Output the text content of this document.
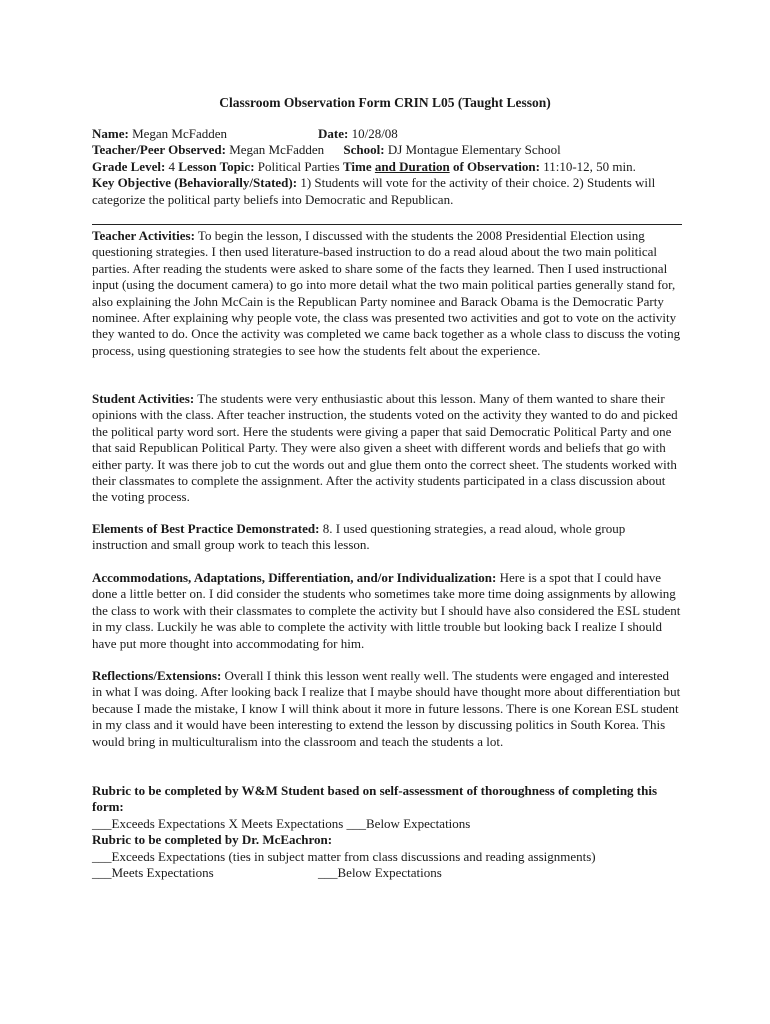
Classroom Observation Form CRIN L05 (Taught Lesson)
Name: Megan McFadden	Date: 10/28/08
Teacher/Peer Observed: Megan McFadden School: DJ Montague Elementary School
Grade Level: 4 Lesson Topic: Political Parties Time and Duration of Observation: 11:10-12, 50 min.
Key Objective (Behaviorally/Stated): 1) Students will vote for the activity of their choice. 2) Students will categorize the political party beliefs into Democratic and Republican.
Teacher Activities: To begin the lesson, I discussed with the students the 2008 Presidential Election using questioning strategies. I then used literature-based instruction to do a read aloud about the two main political parties. After reading the students were asked to share some of the facts they learned. Then I used instructional input (using the document camera) to go into more detail what the two main political parties generally stand for, also explaining the John McCain is the Republican Party nominee and Barack Obama is the Democratic Party nominee. After explaining why people vote, the class was presented two activities and got to vote on the activity they wanted to do. Once the activity was completed we came back together as a whole class to discuss the voting process, using questioning strategies to see how the students felt about the experience.
Student Activities: The students were very enthusiastic about this lesson. Many of them wanted to share their opinions with the class. After teacher instruction, the students voted on the activity they wanted to do and picked the political party word sort. Here the students were giving a paper that said Democratic Political Party and one that said Republican Political Party. They were also given a sheet with different words and beliefs that go with either party. It was there job to cut the words out and glue them onto the correct sheet. The students worked with their classmates to complete the assignment. After the activity students participated in a class discussion about the voting process.
Elements of Best Practice Demonstrated: 8. I used questioning strategies, a read aloud, whole group instruction and small group work to teach this lesson.
Accommodations, Adaptations, Differentiation, and/or Individualization: Here is a spot that I could have done a little better on. I did consider the students who sometimes take more time doing assignments by allowing the class to work with their classmates to complete the activity but I should have also considered the ESL student in my class. Luckily he was able to complete the activity with little trouble but looking back I realize I should have put more thought into accommodating for him.
Reflections/Extensions: Overall I think this lesson went really well. The students were engaged and interested in what I was doing. After looking back I realize that I maybe should have thought more about differentiation but because I made the mistake, I know I will think about it more in future lessons. There is one Korean ESL student in my class and it would have been interesting to extend the lesson by discussing politics in South Korea. This would bring in multiculturalism into the classroom and teach the students a lot.
Rubric to be completed by W&M Student based on self-assessment of thoroughness of completing this form:
___Exceeds Expectations X Meets Expectations ___Below Expectations
Rubric to be completed by Dr. McEachron:
___Exceeds Expectations (ties in subject matter from class discussions and reading assignments)
___Meets Expectations	___Below Expectations
